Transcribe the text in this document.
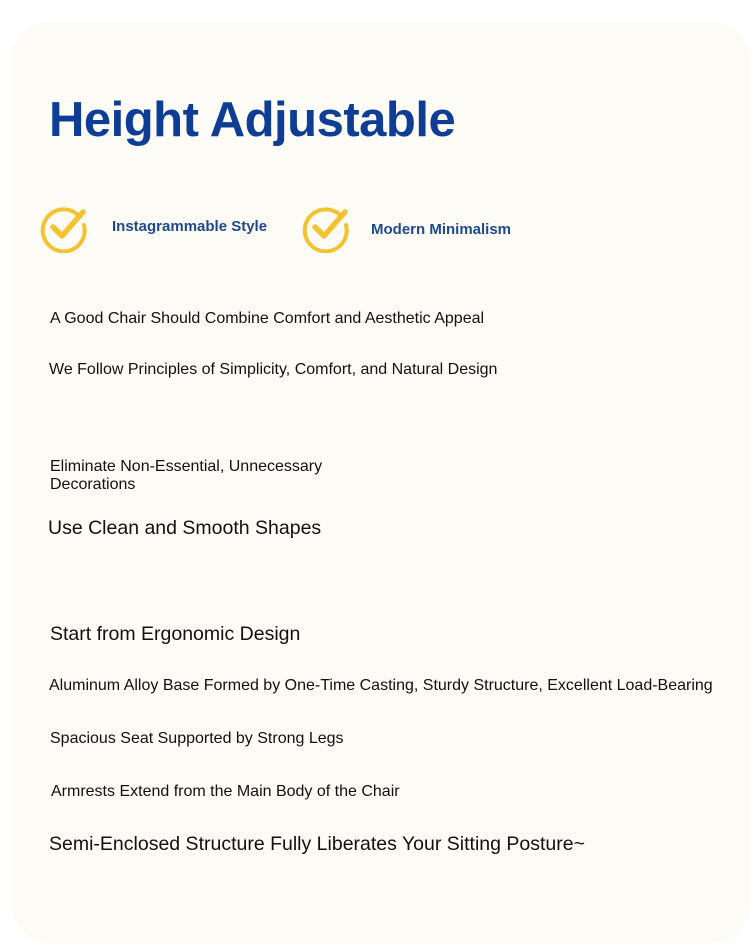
Height Adjustable
Instagrammable Style	Modern Minimalism

A Good Chair Should Combine Comfort and Aesthetic Appeal

We Follow Principles of Simplicity, Comfort, and Natural Design

Eliminate Non-Essential, Unnecessary Decorations

Use Clean and Smooth Shapes

Start from Ergonomic Design

Aluminum Alloy Base Formed by One-Time Casting, Sturdy Structure, Excellent Load-Bearing

Spacious Seat Supported by Strong Legs

Armrests Extend from the Main Body of the Chair

Semi-Enclosed Structure Fully Liberates Your Sitting Posture~
